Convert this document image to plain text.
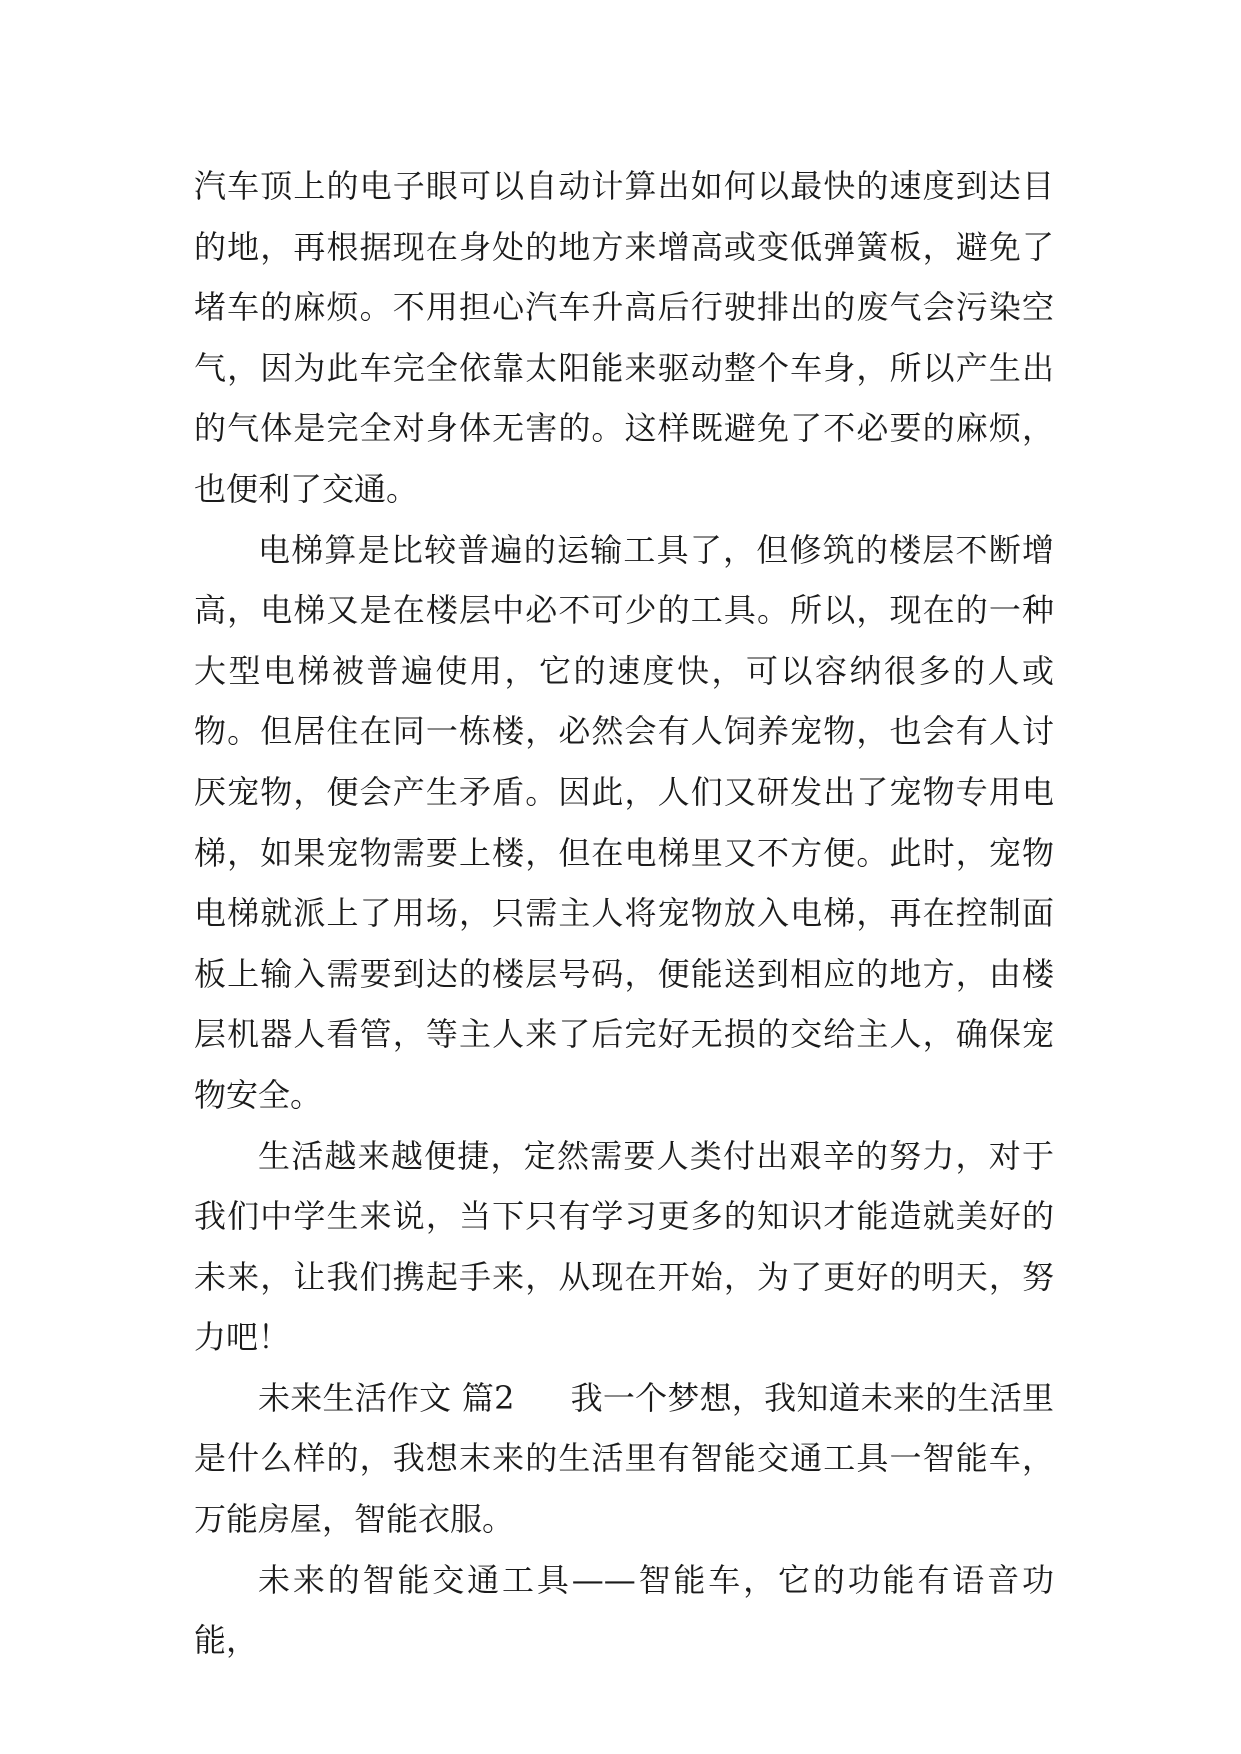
汽车顶上的电子眼可以自动计算出如何以最快的速度到达目的地，再根据现在身处的地方来增高或变低弹簧板，避免了堵车的麻烦。不用担心汽车升高后行驶排出的废气会污染空气，因为此车完全依靠太阳能来驱动整个车身，所以产生出的气体是完全对身体无害的。这样既避免了不必要的麻烦，也便利了交通。

电梯算是比较普遍的运输工具了，但修筑的楼层不断增高，电梯又是在楼层中必不可少的工具。所以，现在的一种大型电梯被普遍使用，它的速度快，可以容纳很多的人或物。但居住在同一栋楼，必然会有人饲养宠物，也会有人讨厌宠物，便会产生矛盾。因此，人们又研发出了宠物专用电梯，如果宠物需要上楼，但在电梯里又不方便。此时，宠物电梯就派上了用场，只需主人将宠物放入电梯，再在控制面板上输入需要到达的楼层号码，便能送到相应的地方，由楼层机器人看管，等主人来了后完好无损的交给主人，确保宠物安全。

生活越来越便捷，定然需要人类付出艰辛的努力，对于我们中学生来说，当下只有学习更多的知识才能造就美好的未来，让我们携起手来，从现在开始，为了更好的明天，努力吧！

未来生活作文 篇2 我一个梦想，我知道未来的生活里是什么样的，我想末来的生活里有智能交通工具一智能车，万能房屋，智能衣服。

未来的智能交通工具——智能车，它的功能有语音功能，
